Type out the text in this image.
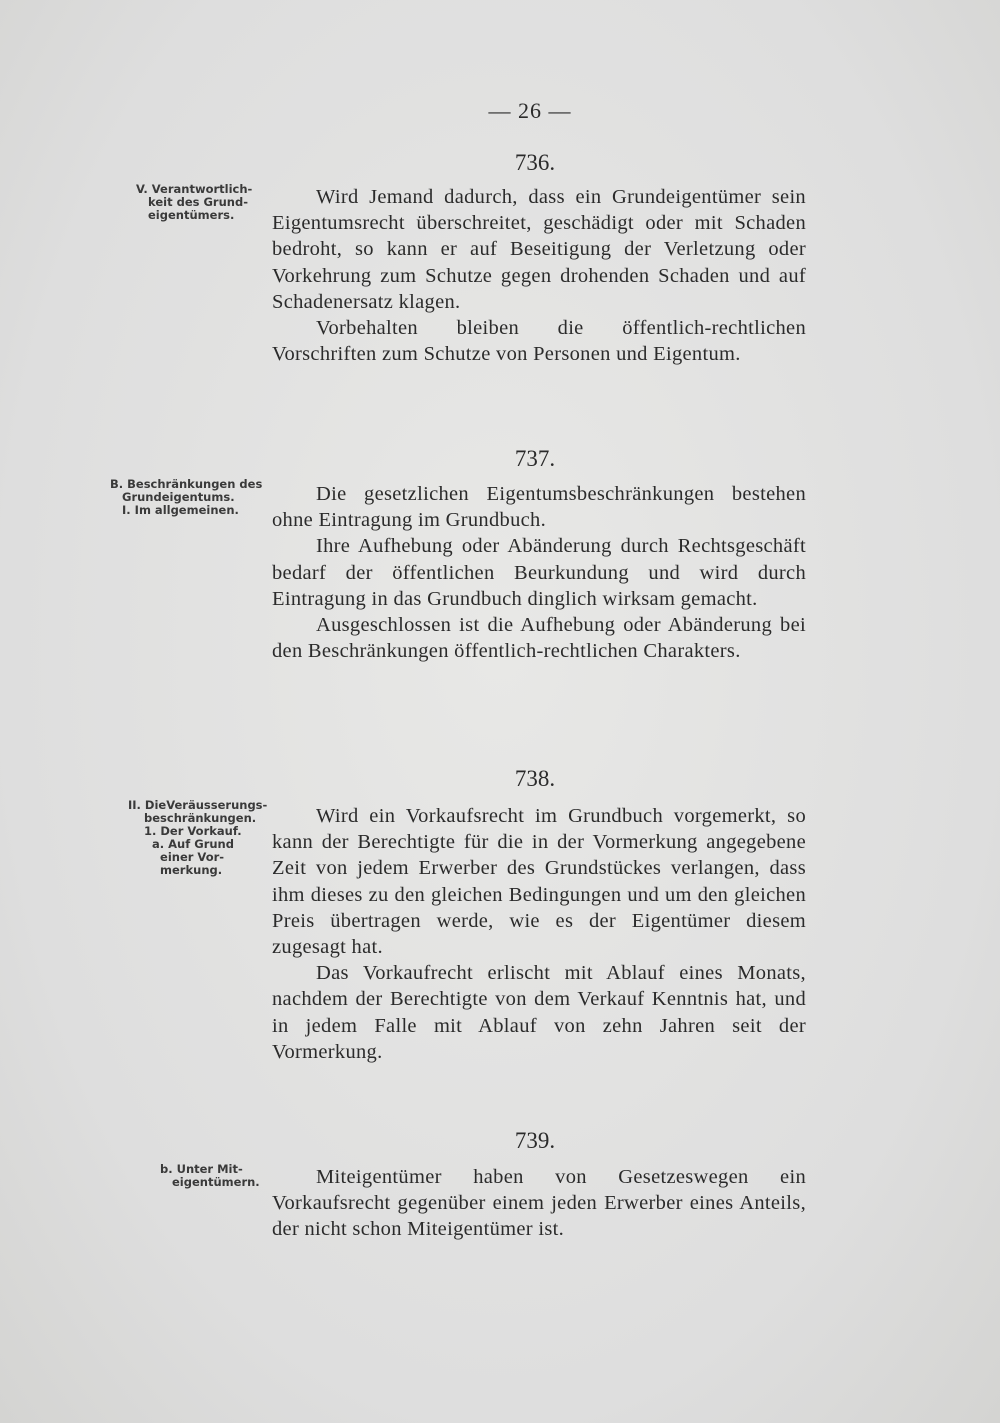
— 26 —
736.
V. Verantwortlich-
keit des Grund-
eigentümers.

Wird Jemand dadurch, dass ein Grundeigentümer sein Eigentumsrecht überschreitet, geschädigt oder mit Schaden bedroht, so kann er auf Beseitigung der Verletzung oder Vorkehrung zum Schutze gegen drohenden Schaden und auf Schadenersatz klagen.

Vorbehalten bleiben die öffentlich-rechtlichen Vorschriften zum Schutze von Personen und Eigentum.

737.
B. Beschränkungen des
Grundeigentums.
I. Im allgemeinen.

Die gesetzlichen Eigentumsbeschränkungen bestehen ohne Eintragung im Grundbuch.

Ihre Aufhebung oder Abänderung durch Rechtsgeschäft bedarf der öffentlichen Beurkundung und wird durch Eintragung in das Grundbuch dinglich wirksam gemacht.

Ausgeschlossen ist die Aufhebung oder Abänderung bei den Beschränkungen öffentlich-rechtlichen Charakters.

738.
II. DieVeräusserungs-
beschränkungen.
1. Der Vorkauf.
a. Auf Grund
einer Vor-
merkung.

Wird ein Vorkaufsrecht im Grundbuch vorgemerkt, so kann der Berechtigte für die in der Vormerkung angegebene Zeit von jedem Erwerber des Grundstückes verlangen, dass ihm dieses zu den gleichen Bedingungen und um den gleichen Preis übertragen werde, wie es der Eigentümer diesem zugesagt hat.

Das Vorkaufrecht erlischt mit Ablauf eines Monats, nachdem der Berechtigte von dem Verkauf Kenntnis hat, und in jedem Falle mit Ablauf von zehn Jahren seit der Vormerkung.

739.
b. Unter Mit-
eigentümern.	Miteigentümer haben von Gesetzeswegen ein Vorkaufsrecht gegenüber einem jeden Erwerber eines Anteils, der nicht schon Miteigentümer ist.
